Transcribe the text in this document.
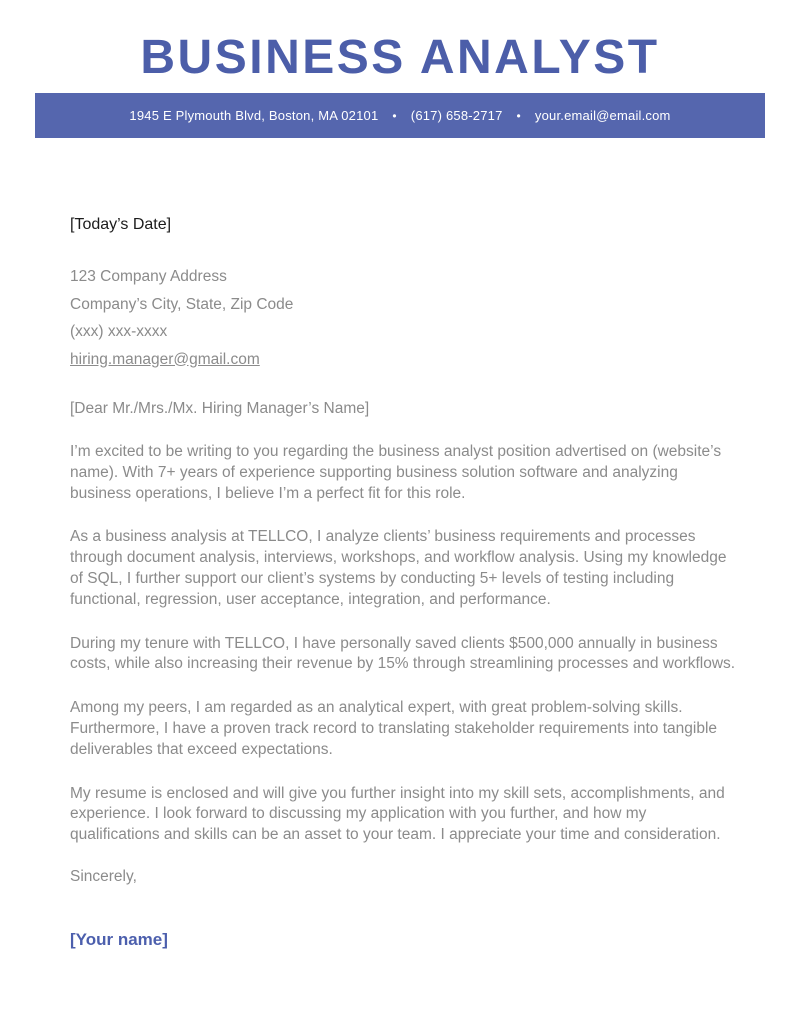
BUSINESS ANALYST
1945 E Plymouth Blvd, Boston, MA 02101 • (617) 658-2717 • your.email@email.com

[Today’s Date]

123 Company Address

Company’s City, State, Zip Code

(xxx) xxx-xxxx

hiring.manager@gmail.com

[Dear Mr./Mrs./Mx. Hiring Manager’s Name]

I’m excited to be writing to you regarding the business analyst position advertised on (website’s name). With 7+ years of experience supporting business solution software and analyzing business operations, I believe I’m a perfect fit for this role.

As a business analysis at TELLCO, I analyze clients’ business requirements and processes through document analysis, interviews, workshops, and workflow analysis. Using my knowledge of SQL, I further support our client’s systems by conducting 5+ levels of testing including functional, regression, user acceptance, integration, and performance.

During my tenure with TELLCO, I have personally saved clients $500,000 annually in business costs, while also increasing their revenue by 15% through streamlining processes and workflows.

Among my peers, I am regarded as an analytical expert, with great problem-solving skills. Furthermore, I have a proven track record to translating stakeholder requirements into tangible deliverables that exceed expectations.

My resume is enclosed and will give you further insight into my skill sets, accomplishments, and experience. I look forward to discussing my application with you further, and how my qualifications and skills can be an asset to your team. I appreciate your time and consideration.

Sincerely,

[Your name]
